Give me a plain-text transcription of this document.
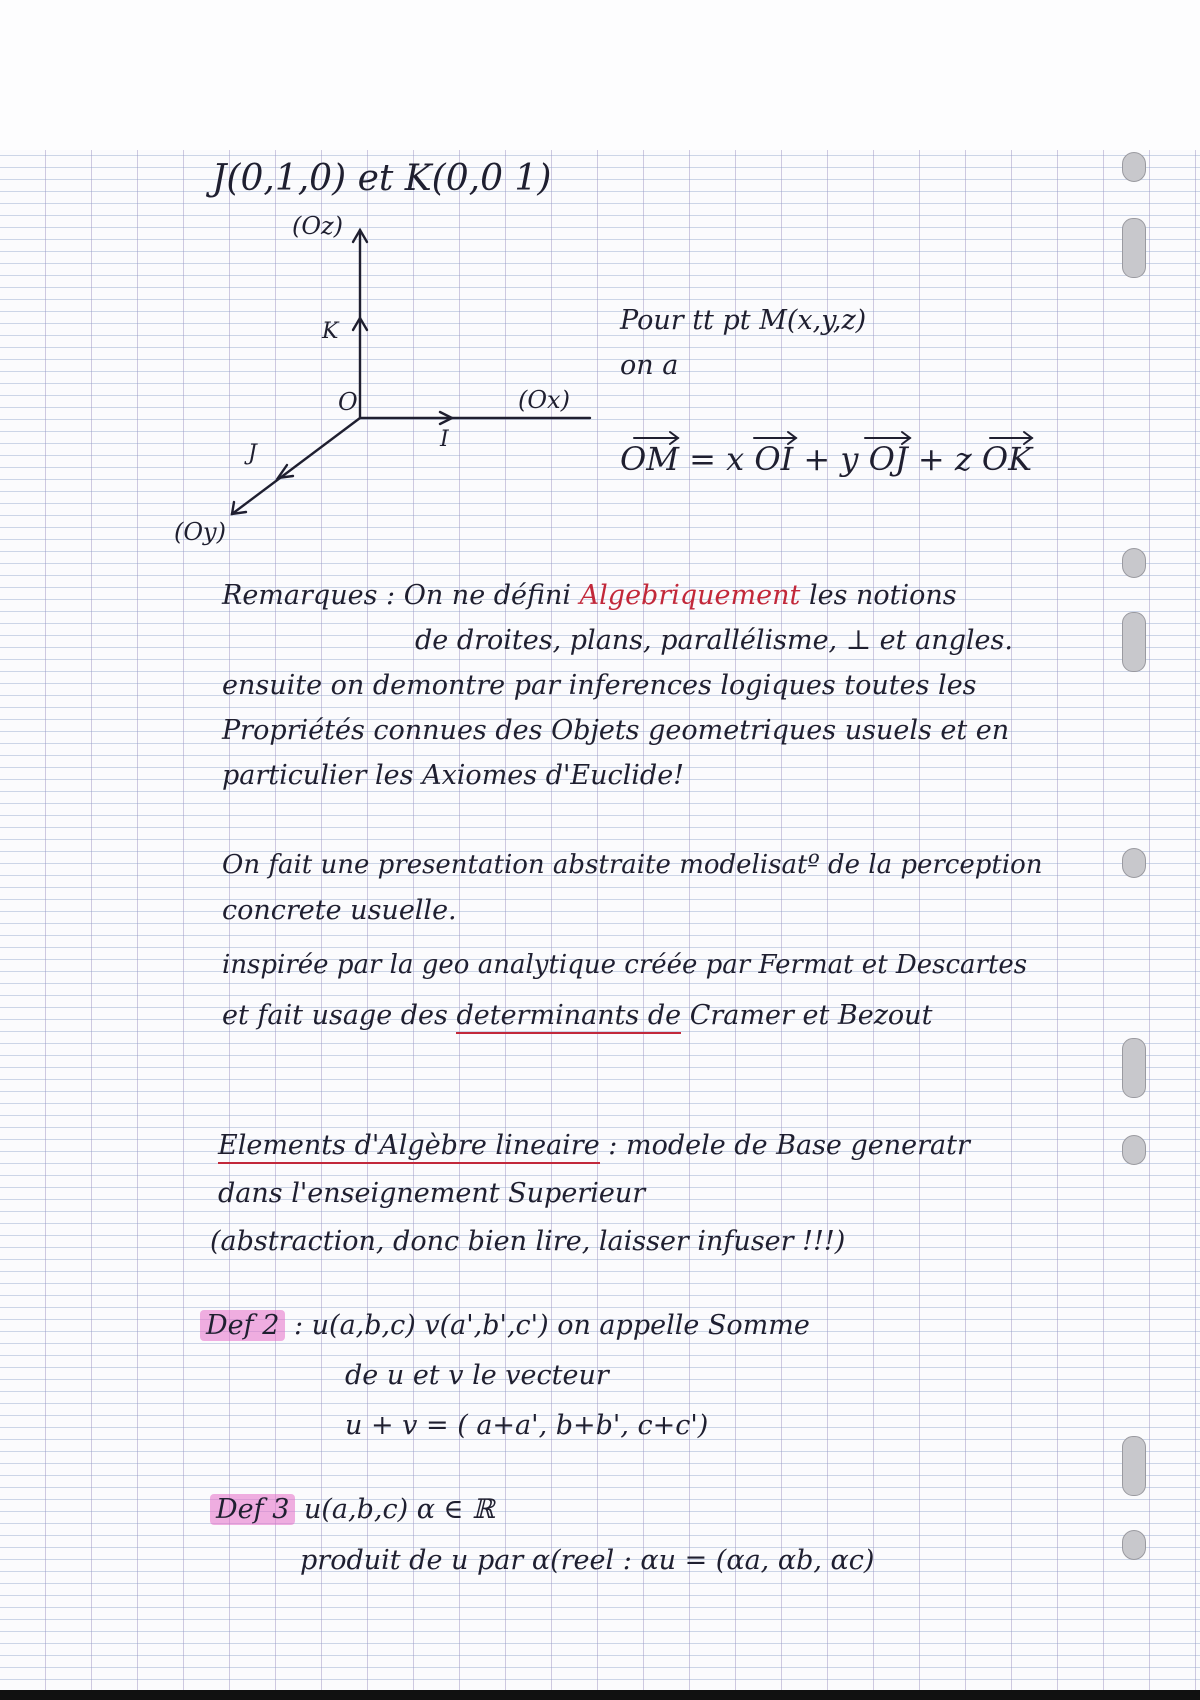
J(0,1,0) et K(0,0 1)
(Oz)
K
O
I
(Ox)
J
(Oy)
Pour tt pt M(x,y,z)
on a
OM = x OI + y OJ + z OK
Remarques : On ne défini Algebriquement les notions
de droites, plans, parallélisme, ⊥ et angles.
ensuite on demontre par inferences logiques toutes les
Propriétés connues des Objets geometriques usuels et en
particulier les Axiomes d'Euclide!
On fait une presentation abstraite modelisatº de la perception
concrete usuelle.
inspirée par la geo analytique créée par Fermat et Descartes
et fait usage des determinants de Cramer et Bezout
Elements d'Algèbre lineaire : modele de Base generatr
dans l'enseignement Superieur
(abstraction, donc bien lire, laisser infuser !!!)
Def 2 : u(a,b,c) v(a',b',c') on appelle Somme
de u et v le vecteur
u + v = ( a+a', b+b', c+c')
Def 3 u(a,b,c) α ∈ ℝ
produit de u par α(reel : αu = (αa, αb, αc)
